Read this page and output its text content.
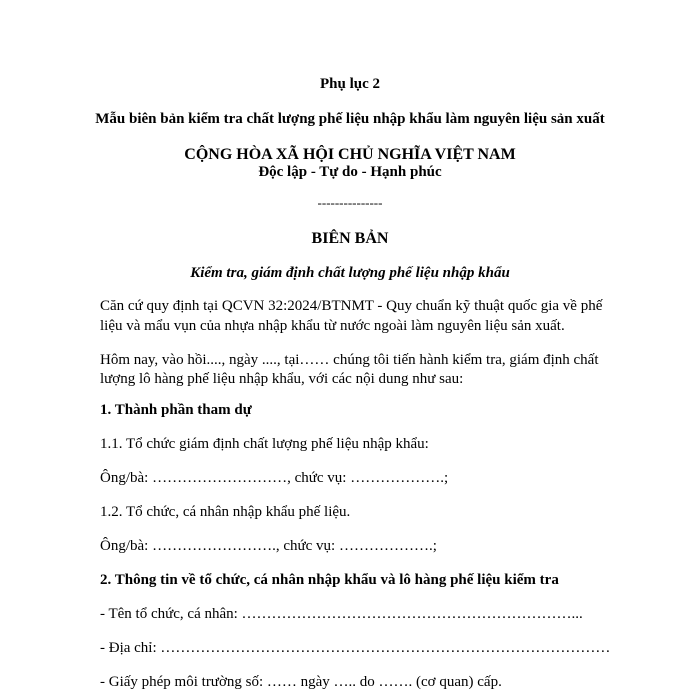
Phụ lục 2
Mẫu biên bản kiểm tra chất lượng phế liệu nhập khẩu làm nguyên liệu sản xuất
CỘNG HÒA XÃ HỘI CHỦ NGHĨA VIỆT NAM
Độc lập - Tự do - Hạnh phúc
---------------
BIÊN BẢN
Kiểm tra, giám định chất lượng phế liệu nhập khẩu
Căn cứ quy định tại QCVN 32:2024/BTNMT - Quy chuẩn kỹ thuật quốc gia về phế
liệu và mẩu vụn của nhựa nhập khẩu từ nước ngoài làm nguyên liệu sản xuất.
Hôm nay, vào hồi...., ngày ...., tại…… chúng tôi tiến hành kiểm tra, giám định chất
lượng lô hàng phế liệu nhập khẩu, với các nội dung như sau:
1. Thành phần tham dự
1.1. Tổ chức giám định chất lượng phế liệu nhập khẩu:
Ông/bà: ………………………, chức vụ: ……………….;
1.2. Tổ chức, cá nhân nhập khẩu phế liệu.
Ông/bà: ……………………., chức vụ: ……………….;
2. Thông tin về tổ chức, cá nhân nhập khẩu và lô hàng phế liệu kiểm tra
- Tên tổ chức, cá nhân: …………………………………………………………...
- Địa chỉ: ………………………………………………………………………………
- Giấy phép môi trường số: …… ngày ….. do ……. (cơ quan) cấp.
